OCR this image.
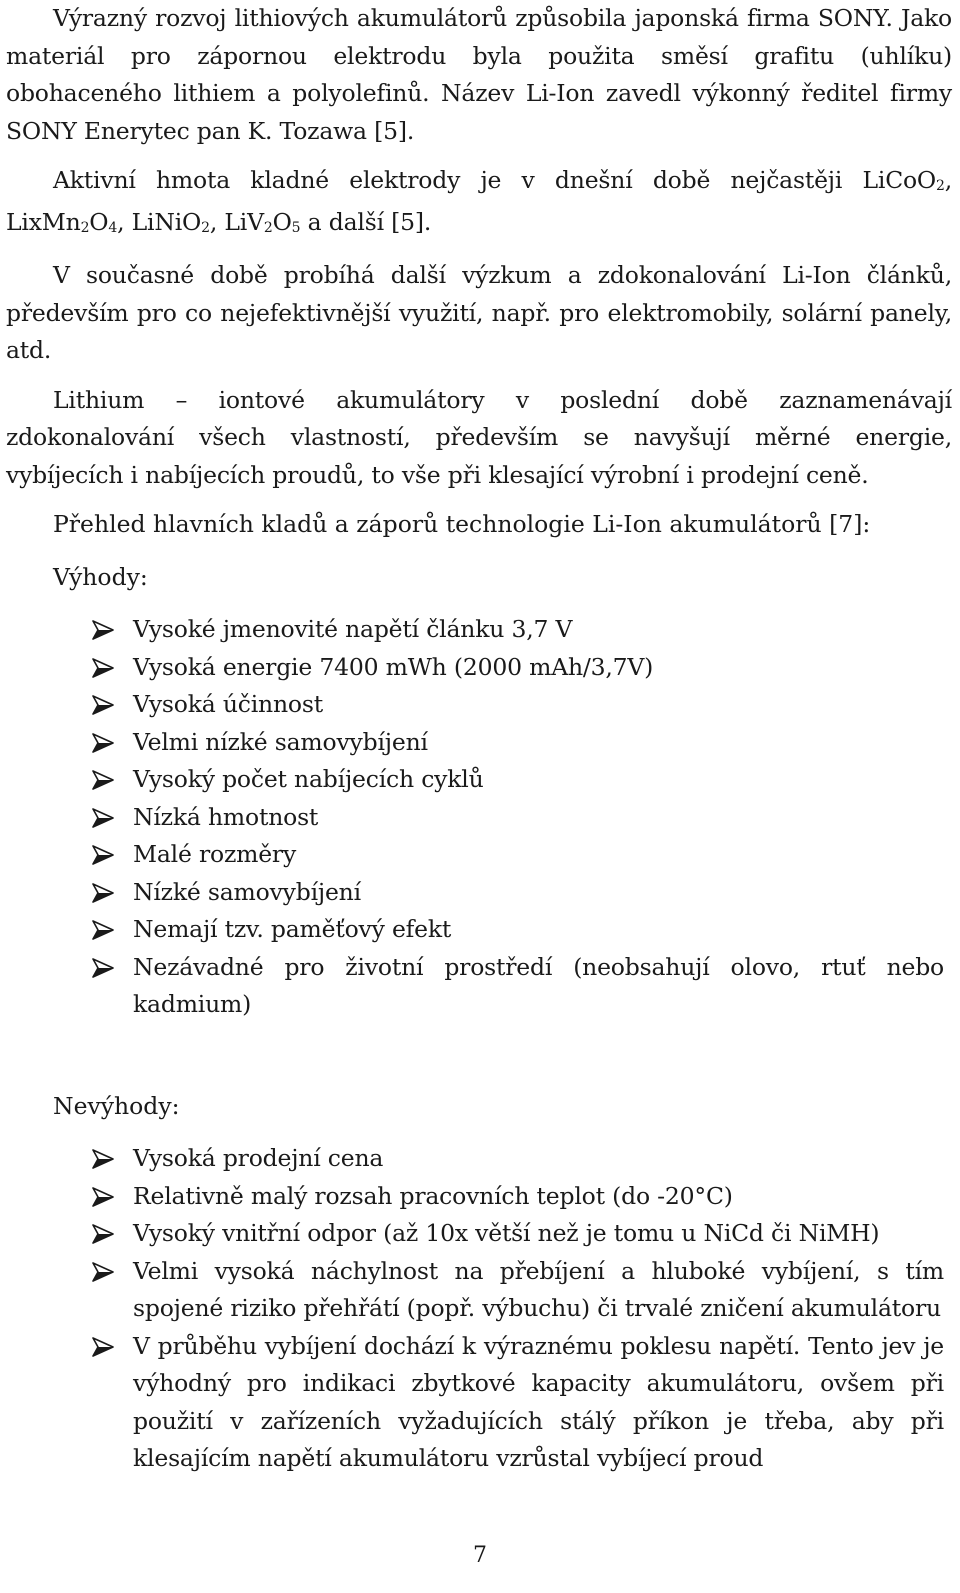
Výrazný rozvoj lithiových akumulátorů způsobila japonská firma SONY. Jako materiál pro zápornou elektrodu byla použita směsí grafitu (uhlíku) obohaceného lithiem a polyolefinů. Název Li-Ion zavedl výkonný ředitel firmy SONY Enerytec pan K. Tozawa [5].

Aktivní hmota kladné elektrody je v dnešní době nejčastěji LiCoO$_2$, $LixMn_2O_4$, LiNiO$_2$, $LiV_2O_5$ a další [5].

V současné době probíhá další výzkum a zdokonalování Li-Ion článků, především pro co nejefektivnější využití, např. pro elektromobily, solární panely, atd.

Lithium – iontové akumulátory v poslední době zaznamenávají zdokonalování všech vlastností, především se navyšují měrné energie, vybíjecích i nabíjecích proudů, to vše při klesající výrobní i prodejní ceně.

Přehled hlavních kladů a záporů technologie Li-Ion akumulátorů [7]:

Výhody:

Vysoké jmenovité napětí článku 3,7 V
Vysoká energie 7400 mWh (2000 mAh/3,7V)
Vysoká účinnost
Velmi nízké samovybíjení
Vysoký počet nabíjecích cyklů
Nízká hmotnost
Malé rozměry
Nízké samovybíjení
Nemají tzv. paměťový efekt
Nezávadné pro životní prostředí (neobsahují olovo, rtuť nebo kadmium)

Nevýhody:

Vysoká prodejní cena
Relativně malý rozsah pracovních teplot (do -20°C)
Vysoký vnitřní odpor (až 10x větší než je tomu u NiCd či NiMH)
Velmi vysoká náchylnost na přebíjení a hluboké vybíjení, s tím spojené riziko přehřátí (popř. výbuchu) či trvalé zničení akumulátoru
V průběhu vybíjení dochází k výraznému poklesu napětí. Tento jev je výhodný pro indikaci zbytkové kapacity akumulátoru, ovšem při použití v zařízeních vyžadujících stálý příkon je třeba, aby při klesajícím napětí akumulátoru vzrůstal vybíjecí proud
7
